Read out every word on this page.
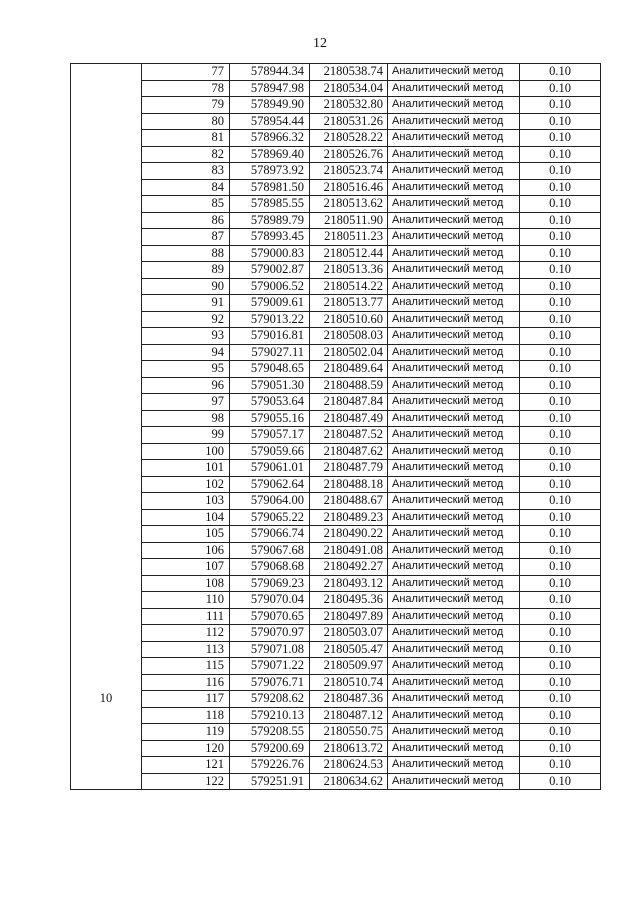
12
	77	578944.34	2180538.74	Аналитический метод	0.10
	78	578947.98	2180534.04	Аналитический метод	0.10
	79	578949.90	2180532.80	Аналитический метод	0.10
	80	578954.44	2180531.26	Аналитический метод	0.10
	81	578966.32	2180528.22	Аналитический метод	0.10
	82	578969.40	2180526.76	Аналитический метод	0.10
	83	578973.92	2180523.74	Аналитический метод	0.10
	84	578981.50	2180516.46	Аналитический метод	0.10
	85	578985.55	2180513.62	Аналитический метод	0.10
	86	578989.79	2180511.90	Аналитический метод	0.10
	87	578993.45	2180511.23	Аналитический метод	0.10
	88	579000.83	2180512.44	Аналитический метод	0.10
	89	579002.87	2180513.36	Аналитический метод	0.10
	90	579006.52	2180514.22	Аналитический метод	0.10
	91	579009.61	2180513.77	Аналитический метод	0.10
	92	579013.22	2180510.60	Аналитический метод	0.10
	93	579016.81	2180508.03	Аналитический метод	0.10
	94	579027.11	2180502.04	Аналитический метод	0.10
	95	579048.65	2180489.64	Аналитический метод	0.10
	96	579051.30	2180488.59	Аналитический метод	0.10
	97	579053.64	2180487.84	Аналитический метод	0.10
	98	579055.16	2180487.49	Аналитический метод	0.10
	99	579057.17	2180487.52	Аналитический метод	0.10
	100	579059.66	2180487.62	Аналитический метод	0.10
	101	579061.01	2180487.79	Аналитический метод	0.10
	102	579062.64	2180488.18	Аналитический метод	0.10
	103	579064.00	2180488.67	Аналитический метод	0.10
	104	579065.22	2180489.23	Аналитический метод	0.10
	105	579066.74	2180490.22	Аналитический метод	0.10
	106	579067.68	2180491.08	Аналитический метод	0.10
	107	579068.68	2180492.27	Аналитический метод	0.10
	108	579069.23	2180493.12	Аналитический метод	0.10
	110	579070.04	2180495.36	Аналитический метод	0.10
	111	579070.65	2180497.89	Аналитический метод	0.10
	112	579070.97	2180503.07	Аналитический метод	0.10
	113	579071.08	2180505.47	Аналитический метод	0.10
	115	579071.22	2180509.97	Аналитический метод	0.10
	116	579076.71	2180510.74	Аналитический метод	0.10
10	117	579208.62	2180487.36	Аналитический метод	0.10
	118	579210.13	2180487.12	Аналитический метод	0.10
	119	579208.55	2180550.75	Аналитический метод	0.10
	120	579200.69	2180613.72	Аналитический метод	0.10
	121	579226.76	2180624.53	Аналитический метод	0.10
	122	579251.91	2180634.62	Аналитический метод	0.10
